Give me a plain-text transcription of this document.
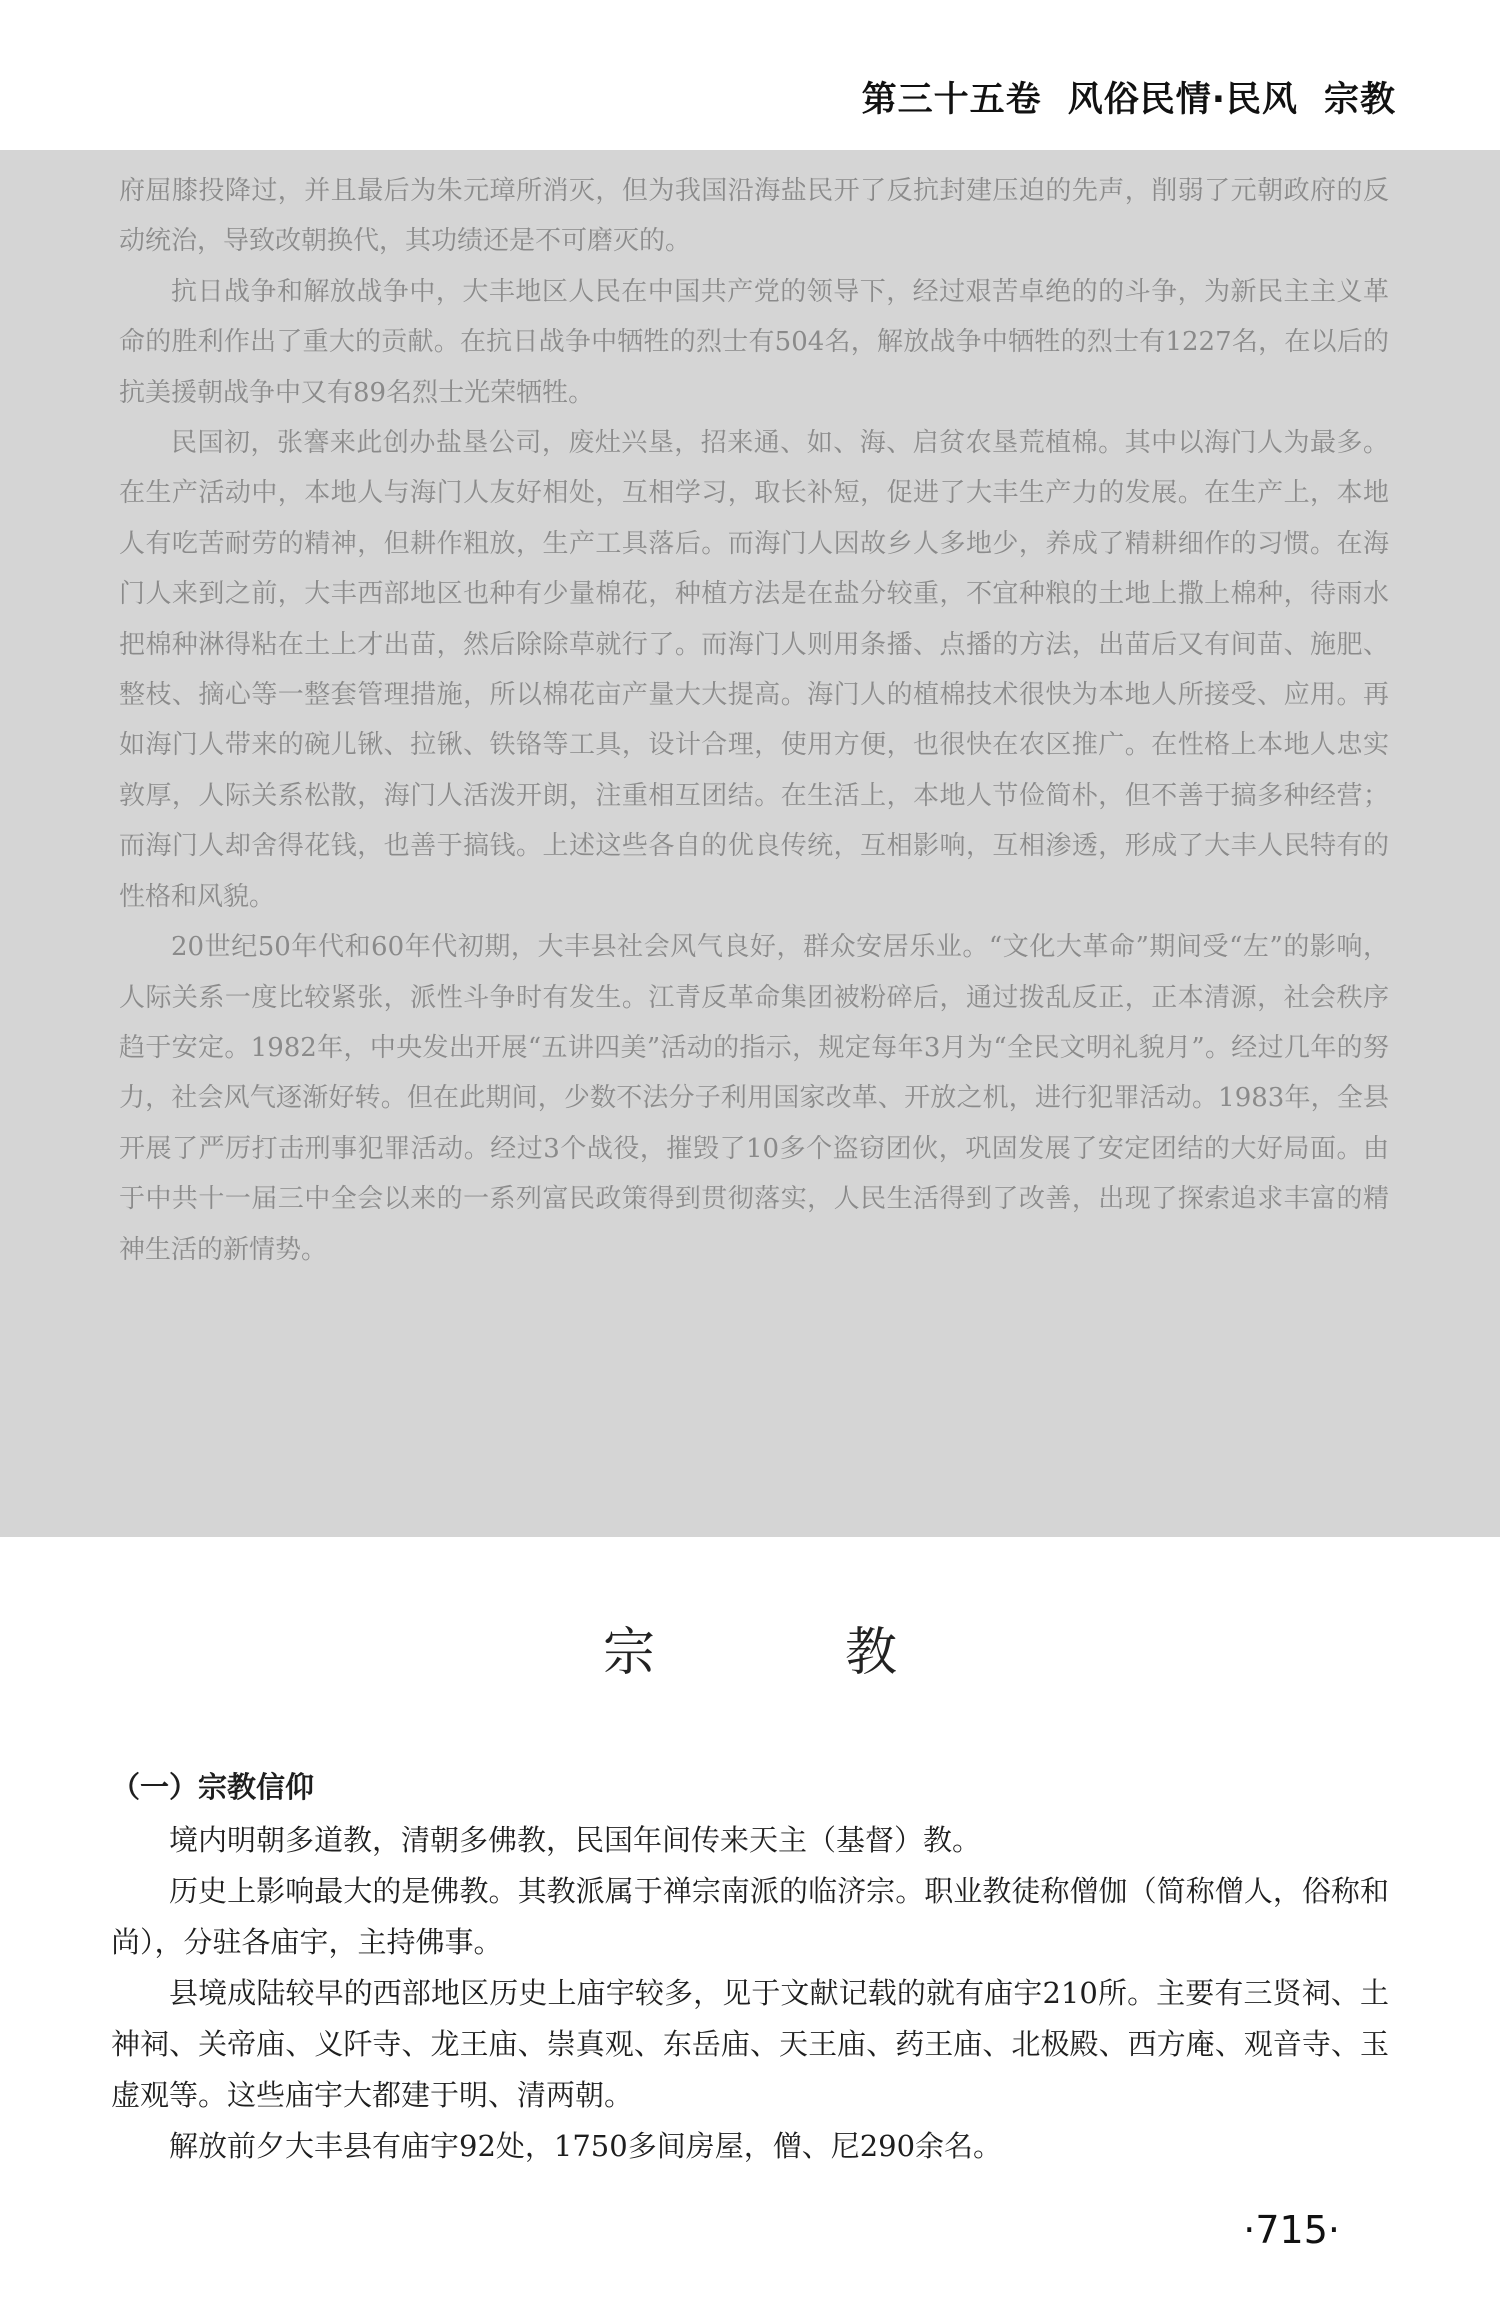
第三十五卷 风俗民情·民风 宗教

府屈膝投降过，并且最后为朱元璋所消灭，但为我国沿海盐民开了反抗封建压迫的先声，削弱了元朝政府的反动统治，导致改朝换代，其功绩还是不可磨灭的。

抗日战争和解放战争中，大丰地区人民在中国共产党的领导下，经过艰苦卓绝的的斗争，为新民主主义革命的胜利作出了重大的贡献。在抗日战争中牺牲的烈士有504名，解放战争中牺牲的烈士有1227名，在以后的抗美援朝战争中又有89名烈士光荣牺牲。

民国初，张謇来此创办盐垦公司，废灶兴垦，招来通、如、海、启贫农垦荒植棉。其中以海门人为最多。在生产活动中，本地人与海门人友好相处，互相学习，取长补短，促进了大丰生产力的发展。在生产上，本地人有吃苦耐劳的精神，但耕作粗放，生产工具落后。而海门人因故乡人多地少，养成了精耕细作的习惯。在海门人来到之前，大丰西部地区也种有少量棉花，种植方法是在盐分较重，不宜种粮的土地上撒上棉种，待雨水把棉种淋得粘在土上才出苗，然后除除草就行了。而海门人则用条播、点播的方法，出苗后又有间苗、施肥、整枝、摘心等一整套管理措施，所以棉花亩产量大大提高。海门人的植棉技术很快为本地人所接受、应用。再如海门人带来的碗儿锹、拉锹、铁铬等工具，设计合理，使用方便，也很快在农区推广。在性格上本地人忠实敦厚，人际关系松散，海门人活泼开朗，注重相互团结。在生活上，本地人节俭简朴，但不善于搞多种经营；而海门人却舍得花钱，也善于搞钱。上述这些各自的优良传统，互相影响，互相渗透，形成了大丰人民特有的性格和风貌。

20世纪50年代和60年代初期，大丰县社会风气良好，群众安居乐业。“文化大革命”期间受“左”的影响，人际关系一度比较紧张，派性斗争时有发生。江青反革命集团被粉碎后，通过拨乱反正，正本清源，社会秩序趋于安定。1982年，中央发出开展“五讲四美”活动的指示，规定每年3月为“全民文明礼貌月”。经过几年的努力，社会风气逐渐好转。但在此期间，少数不法分子利用国家改革、开放之机，进行犯罪活动。1983年，全县开展了严厉打击刑事犯罪活动。经过3个战役，摧毁了10多个盗窃团伙，巩固发展了安定团结的大好局面。由于中共十一届三中全会以来的一系列富民政策得到贯彻落实，人民生活得到了改善，出现了探索追求丰富的精神生活的新情势。

宗	教

（一）宗教信仰

境内明朝多道教，清朝多佛教，民国年间传来天主（基督）教。

历史上影响最大的是佛教。其教派属于禅宗南派的临济宗。职业教徒称僧伽（简称僧人，俗称和尚），分驻各庙宇，主持佛事。

县境成陆较早的西部地区历史上庙宇较多，见于文献记载的就有庙宇210所。主要有三贤祠、土神祠、关帝庙、义阡寺、龙王庙、崇真观、东岳庙、天王庙、药王庙、北极殿、西方庵、观音寺、玉虚观等。这些庙宇大都建于明、清两朝。

解放前夕大丰县有庙宇92处，1750多间房屋，僧、尼290余名。

·715·
